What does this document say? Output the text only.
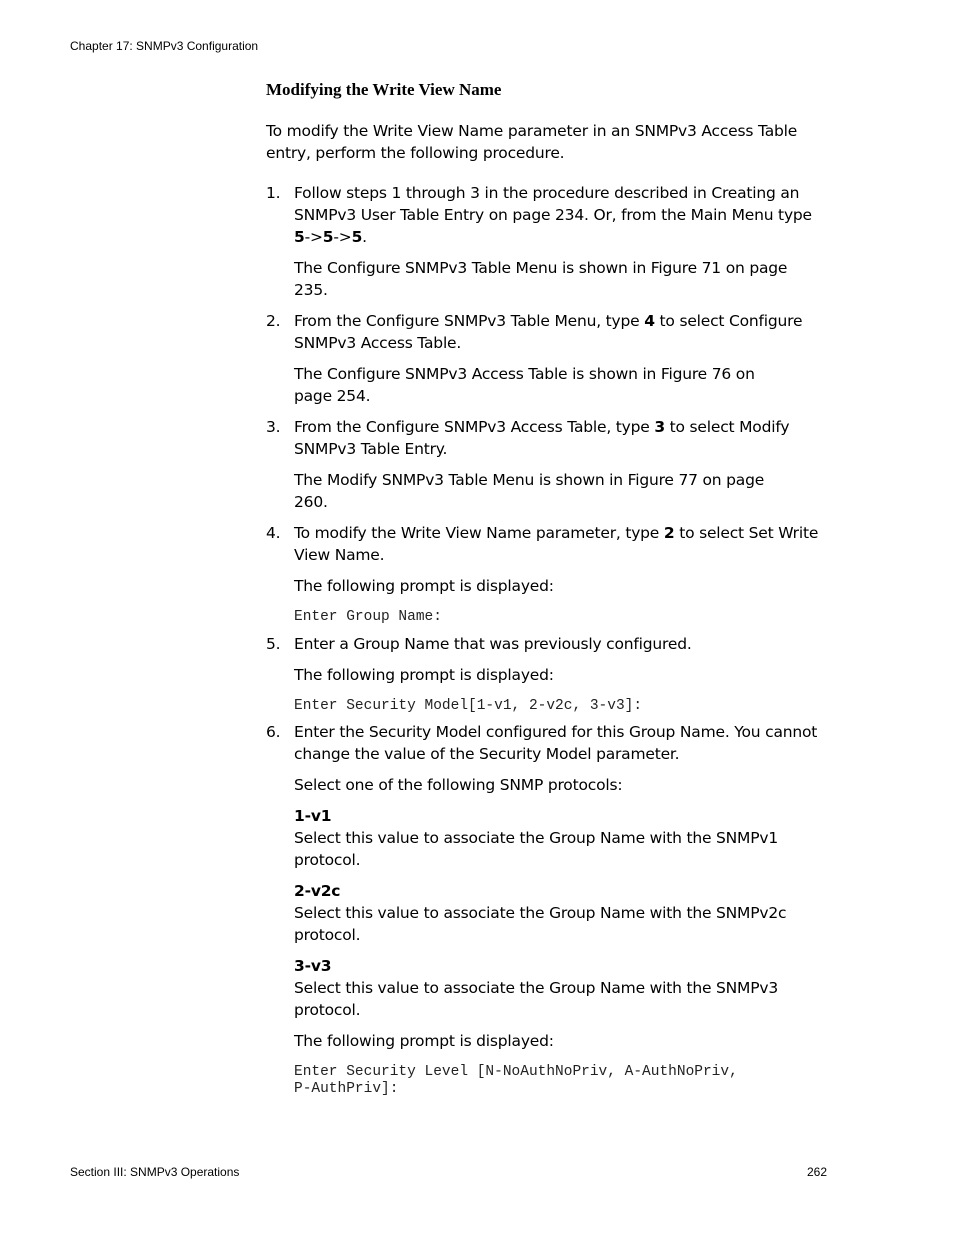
Chapter 17: SNMPv3 Configuration
Modifying the Write View Name
To modify the Write View Name parameter in an SNMPv3 Access Table
entry, perform the following procedure.
1. Follow steps 1 through 3 in the procedure described in Creating an
SNMPv3 User Table Entry on page 234. Or, from the Main Menu type
5->5->5.
The Configure SNMPv3 Table Menu is shown in Figure 71 on page
235.
2. From the Configure SNMPv3 Table Menu, type 4 to select Configure
SNMPv3 Access Table.
The Configure SNMPv3 Access Table is shown in Figure 76 on
page 254.
3. From the Configure SNMPv3 Access Table, type 3 to select Modify
SNMPv3 Table Entry.
The Modify SNMPv3 Table Menu is shown in Figure 77 on page
260.
4. To modify the Write View Name parameter, type 2 to select Set Write
View Name.
The following prompt is displayed:
Enter Group Name:
5. Enter a Group Name that was previously configured.
The following prompt is displayed:
Enter Security Model[1-v1, 2-v2c, 3-v3]:
6. Enter the Security Model configured for this Group Name. You cannot
change the value of the Security Model parameter.
Select one of the following SNMP protocols:
1-v1
Select this value to associate the Group Name with the SNMPv1
protocol.
2-v2c
Select this value to associate the Group Name with the SNMPv2c
protocol.
3-v3
Select this value to associate the Group Name with the SNMPv3
protocol.
The following prompt is displayed:
Enter Security Level [N-NoAuthNoPriv, A-AuthNoPriv,
P-AuthPriv]:
Section III: SNMPv3 Operations	262
